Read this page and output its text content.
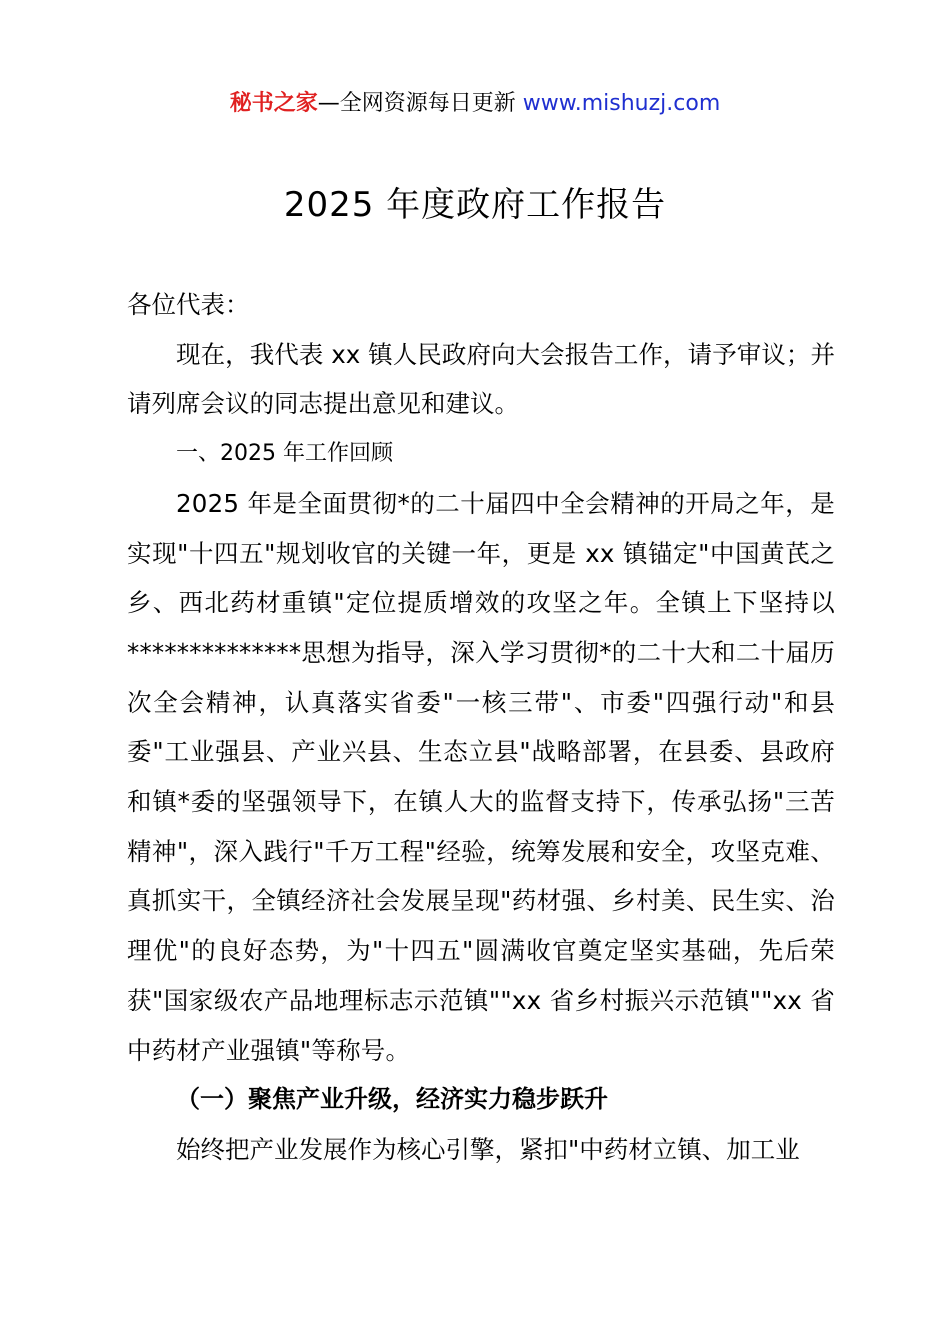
秘书之家—全网资源每日更新 www.mishuzj.com
2025 年度政府工作报告

各位代表：

现在，我代表 xx 镇人民政府向大会报告工作，请予审议；并请列席会议的同志提出意见和建议。

一、2025 年工作回顾

2025 年是全面贯彻*的二十届四中全会精神的开局之年，是实现"十四五"规划收官的关键一年，更是 xx 镇锚定"中国黄芪之乡、西北药材重镇"定位提质增效的攻坚之年。全镇上下坚持以**************思想为指导，深入学习贯彻*的二十大和二十届历次全会精神，认真落实省委"一核三带"、市委"四强行动"和县委"工业强县、产业兴县、生态立县"战略部署，在县委、县政府和镇*委的坚强领导下，在镇人大的监督支持下，传承弘扬"三苦精神"，深入践行"千万工程"经验，统筹发展和安全，攻坚克难、真抓实干，全镇经济社会发展呈现"药材强、乡村美、民生实、治理优"的良好态势，为"十四五"圆满收官奠定坚实基础，先后荣获"国家级农产品地理标志示范镇""xx 省乡村振兴示范镇""xx 省中药材产业强镇"等称号。

（一）聚焦产业升级，经济实力稳步跃升

始终把产业发展作为核心引擎，紧扣"中药材立镇、加工业
